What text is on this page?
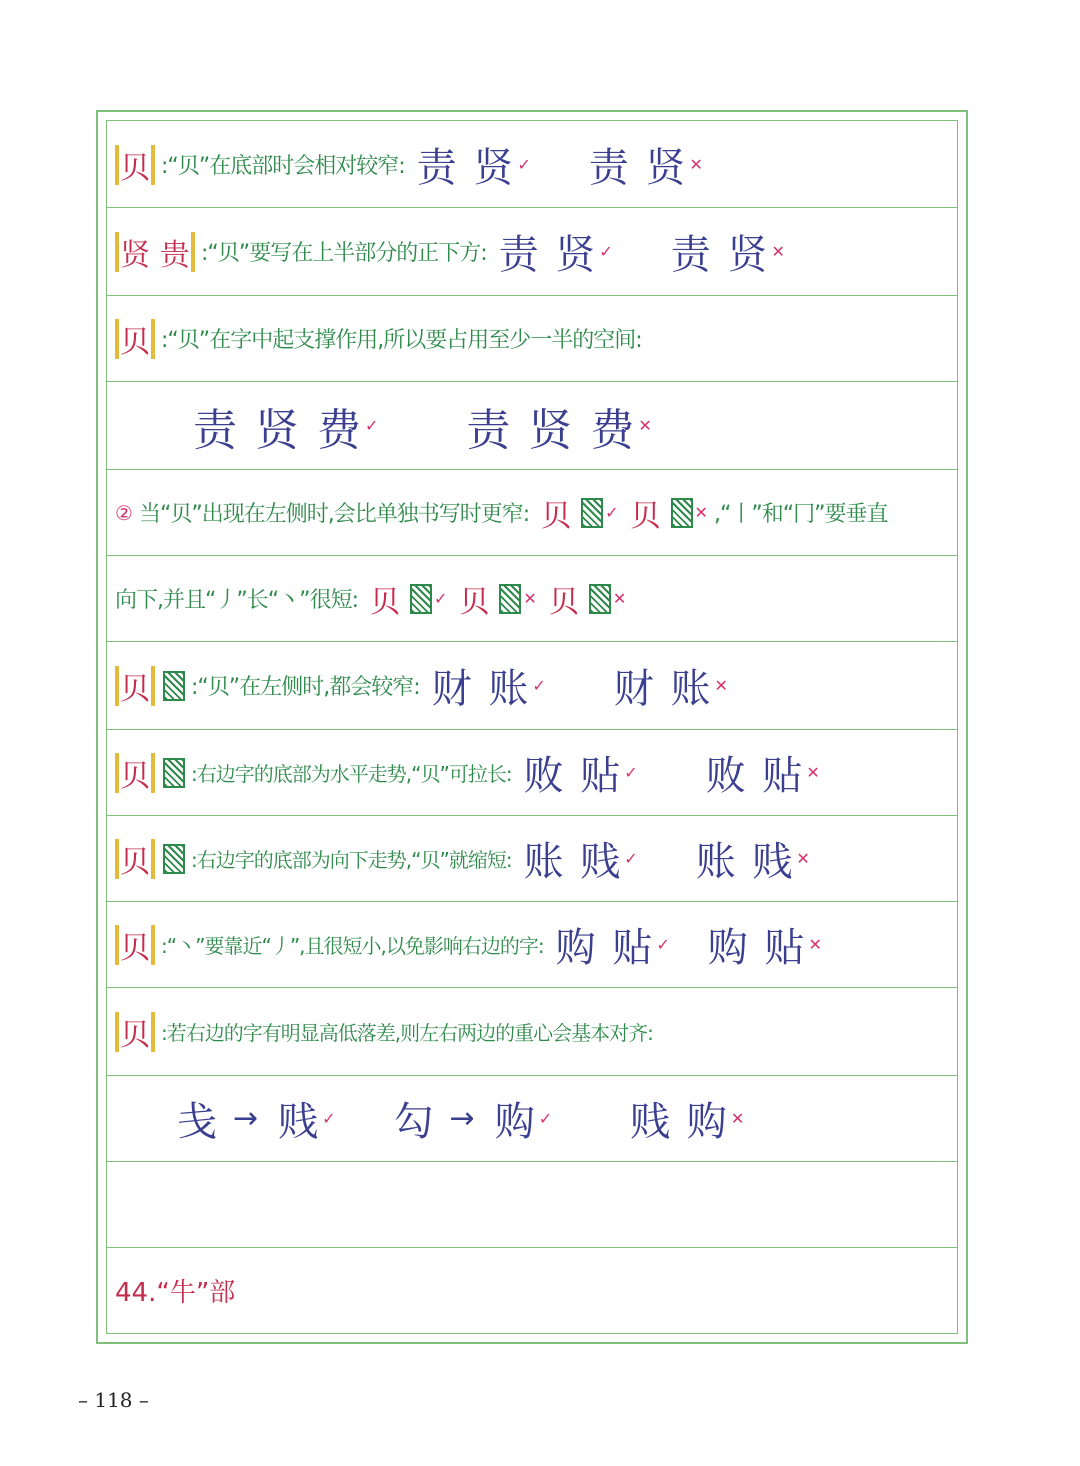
贝 :“贝”在底部时会相对较窄: 责 贤 ✓ 责 贤 ✕
贤 贵 :“贝”要写在上半部分的正下方: 责 贤 ✓ 责 贤 ✕
贝 :“贝”在字中起支撑作用,所以要占用至少一半的空间:
责 贤 费 ✓ 责 贤 费 ✕
② 当“贝”出现在左侧时,会比单独书写时更窄: 贝 ✓ 贝 ✕ ,“丨”和“冂”要垂直
向下,并且“丿”长“丶”很短: 贝 ✓ 贝 ✕ 贝 ✕
贝 :“贝”在左侧时,都会较窄: 财 账 ✓ 财 账 ✕
贝 :右边字的底部为水平走势,“贝”可拉长: 败 贴 ✓ 败 贴 ✕
贝 :右边字的底部为向下走势,“贝”就缩短: 账 贱 ✓ 账 贱 ✕
贝 :“丶”要靠近“丿”,且很短小,以免影响右边的字: 购 贴 ✓ 购 贴 ✕
贝 :若右边的字有明显高低落差,则左右两边的重心会基本对齐:
戋 → 贱 ✓ 勾 → 购 ✓ 贱 购 ✕
44.“牛”部
– 118 –
